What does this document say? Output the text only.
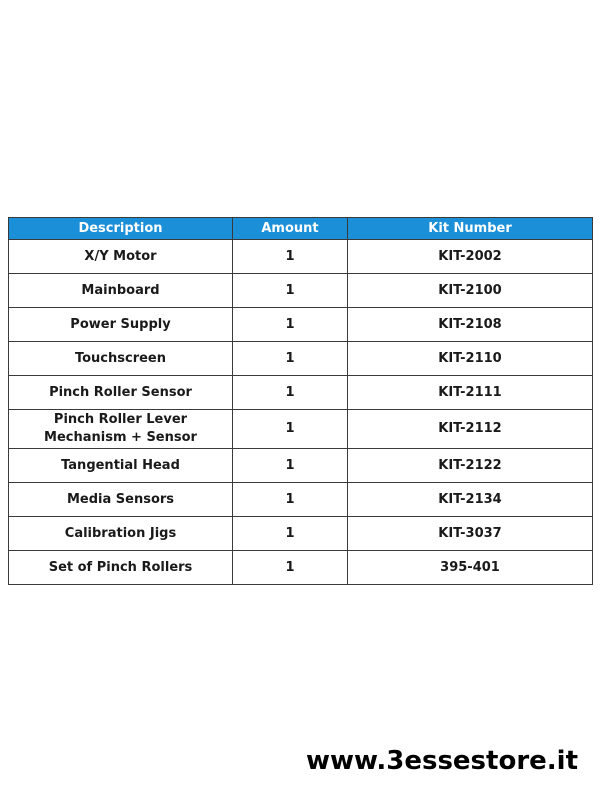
Description	Amount	Kit Number
X/Y Motor	1	KIT-2002
Mainboard	1	KIT-2100
Power Supply	1	KIT-2108
Touchscreen	1	KIT-2110
Pinch Roller Sensor	1	KIT-2111
Pinch Roller Lever Mechanism + Sensor	1	KIT-2112
Tangential Head	1	KIT-2122
Media Sensors	1	KIT-2134
Calibration Jigs	1	KIT-3037
Set of Pinch Rollers	1	395-401
www.3essestore.it
